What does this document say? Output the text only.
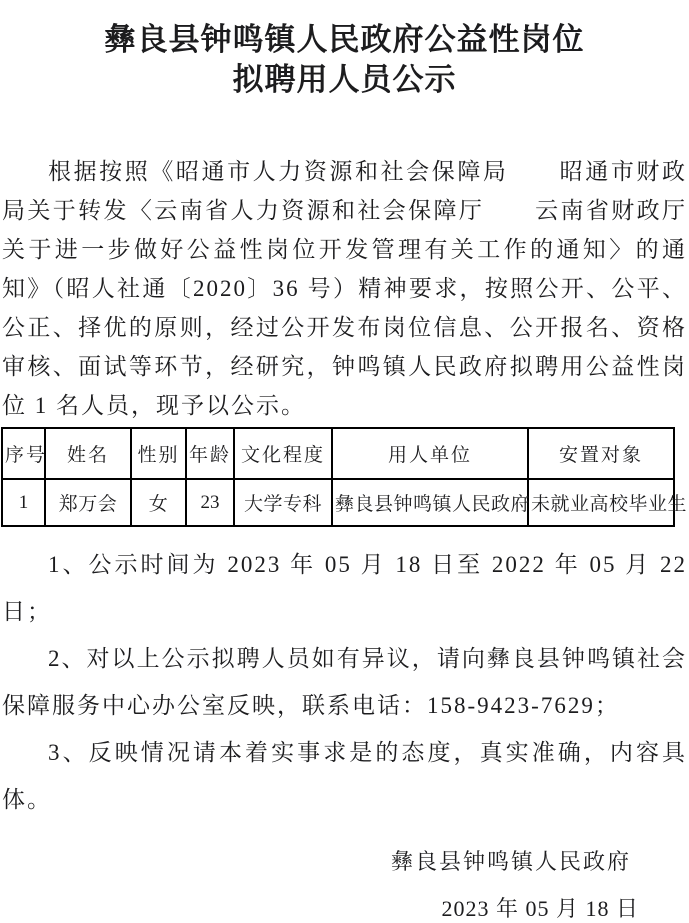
彝良县钟鸣镇人民政府公益性岗位
拟聘用人员公示

根据按照《昭通市人力资源和社会保障局　　昭通市财政局关于转发〈云南省人力资源和社会保障厅　　云南省财政厅关于进一步做好公益性岗位开发管理有关工作的通知〉的通知》（昭人社通〔2020〕36 号）精神要求，按照公开、公平、公正、择优的原则，经过公开发布岗位信息、公开报名、资格审核、面试等环节，经研究，钟鸣镇人民政府拟聘用公益性岗位 1 名人员，现予以公示。

序号	姓名	性别	年龄	文化程度	用人单位	安置对象
1	郑万会	女	23	大学专科	彝良县钟鸣镇人民政府	未就业高校毕业生

1、公示时间为 2023 年 05 月 18 日至 2022 年 05 月 22 日；

2、对以上公示拟聘人员如有异议，请向彝良县钟鸣镇社会保障服务中心办公室反映，联系电话：158-9423-7629；

3、反映情况请本着实事求是的态度，真实准确，内容具体。

彝良县钟鸣镇人民政府
2023 年 05 月 18 日
